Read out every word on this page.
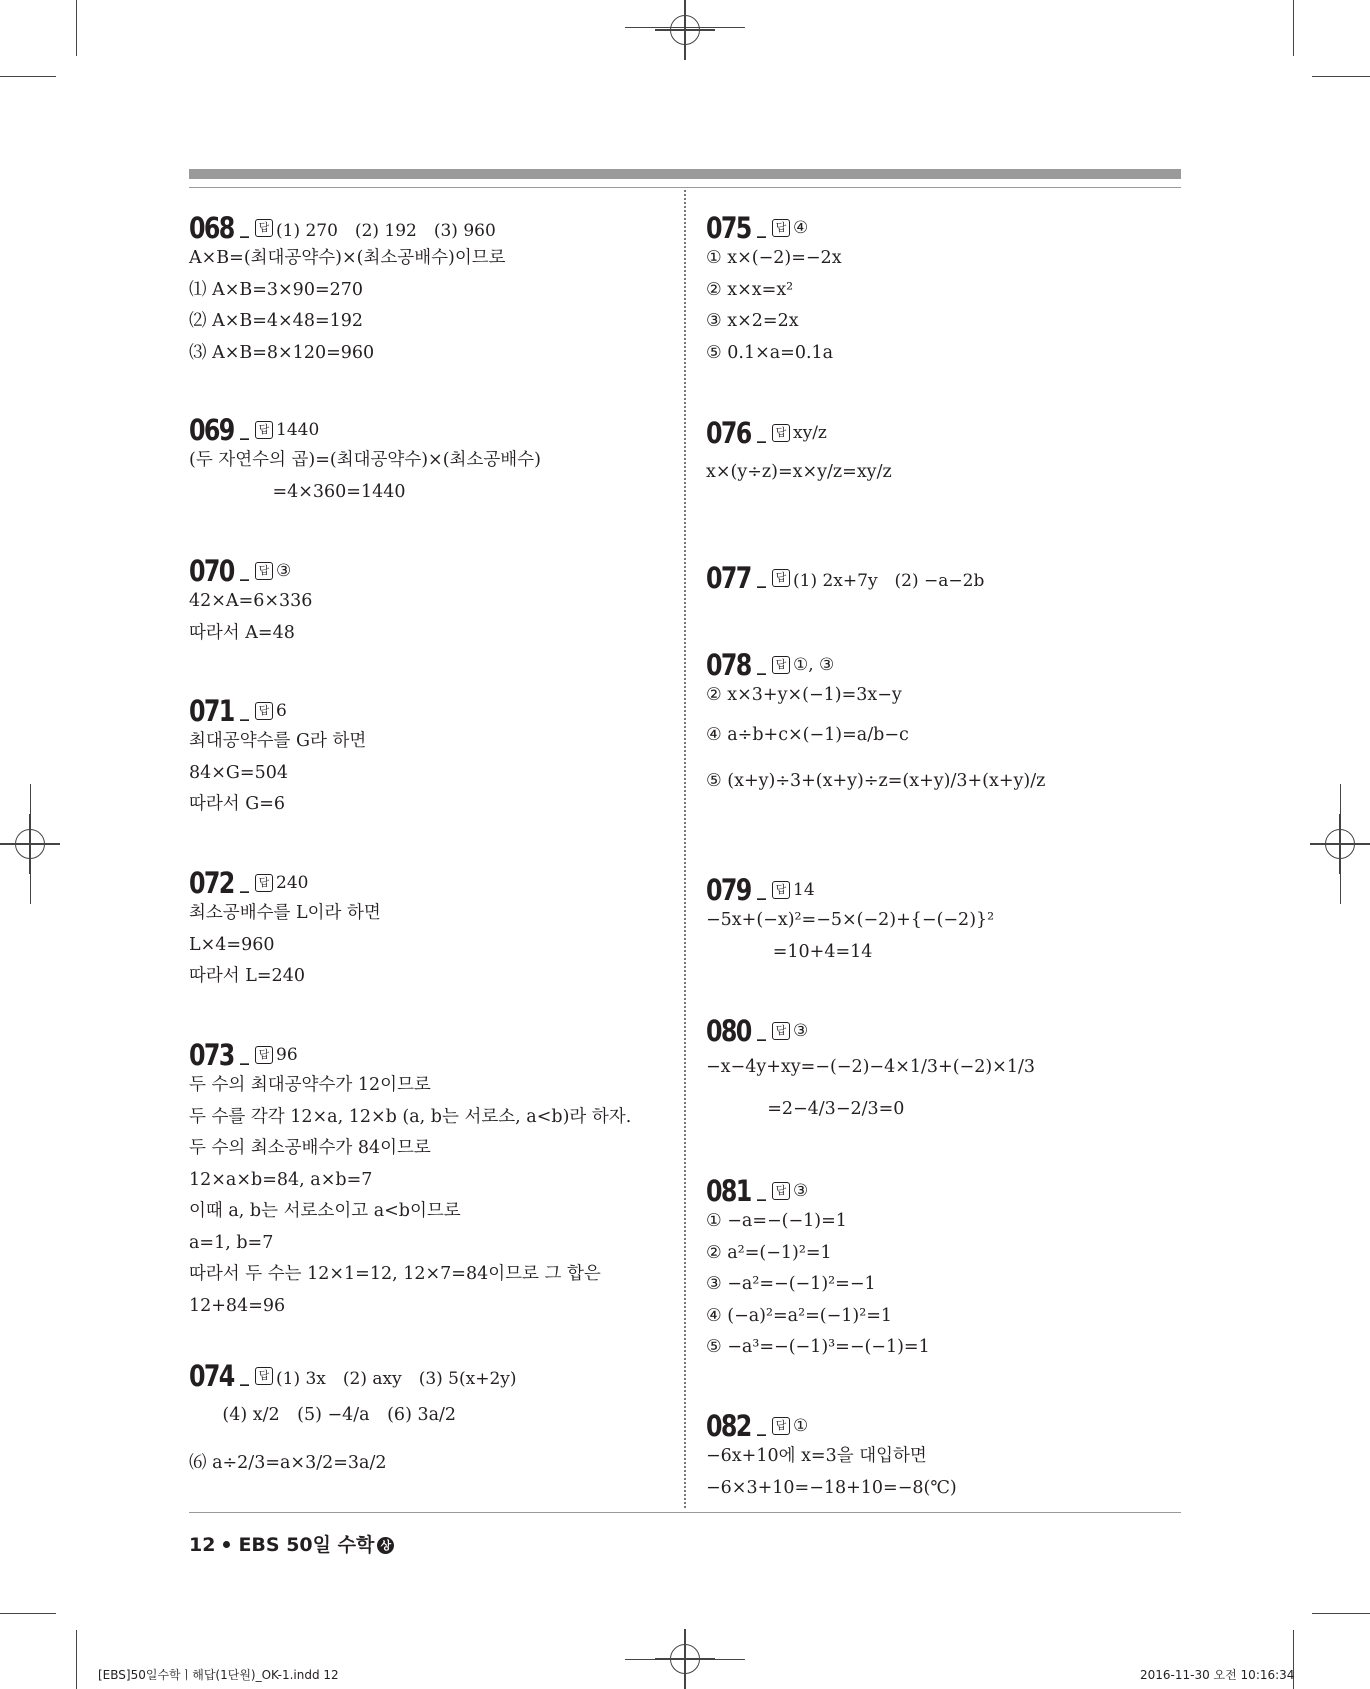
068 _ 답 (1) 270　(2) 192　(3) 960
A×B=(최대공약수)×(최소공배수)이므로
⑴ A×B=3×90=270
⑵ A×B=4×48=192
⑶ A×B=8×120=960
069 _ 답 1440
(두 자연수의 곱)=(최대공약수)×(최소공배수)
=4×360=1440
070 _ 답 ③
42×A=6×336
따라서 A=48
071 _ 답 6
최대공약수를 G라 하면
84×G=504
따라서 G=6
072 _ 답 240
최소공배수를 L이라 하면
L×4=960
따라서 L=240
073 _ 답 96
두 수의 최대공약수가 12이므로
두 수를 각각 12×a, 12×b (a, b는 서로소, a<b)라 하자.
두 수의 최소공배수가 84이므로
12×a×b=84, a×b=7
이때 a, b는 서로소이고 a<b이므로
a=1, b=7
따라서 두 수는 12×1=12, 12×7=84이므로 그 합은
12+84=96
074 _ 답 (1) 3x　(2) axy　(3) 5(x+2y)
(4) x/2　(5) −4/a　(6) 3a/2
⑹ a÷2/3=a×3/2=3a/2
075 _ 답 ④
① x×(−2)=−2x
② x×x=x²
③ x×2=2x
⑤ 0.1×a=0.1a
076 _ 답 xy/z
x×(y÷z)=x×y/z=xy/z
077 _ 답 (1) 2x+7y　(2) −a−2b
078 _ 답 ①, ③
② x×3+y×(−1)=3x−y
④ a÷b+c×(−1)=a/b−c
⑤ (x+y)÷3+(x+y)÷z=(x+y)/3+(x+y)/z
079 _ 답 14
−5x+(−x)²=−5×(−2)+{−(−2)}²
=10+4=14
080 _ 답 ③
−x−4y+xy=−(−2)−4×1/3+(−2)×1/3
=2−4/3−2/3=0
081 _ 답 ③
① −a=−(−1)=1
② a²=(−1)²=1
③ −a²=−(−1)²=−1
④ (−a)²=a²=(−1)²=1
⑤ −a³=−(−1)³=−(−1)=1
082 _ 답 ①
−6x+10에 x=3을 대입하면
−6×3+10=−18+10=−8(℃)
12 EBS 50일 수학 상
[EBS]50일수학ㅣ해답(1단원)_OK-1.indd 12	2016-11-30 오전 10:16:34
